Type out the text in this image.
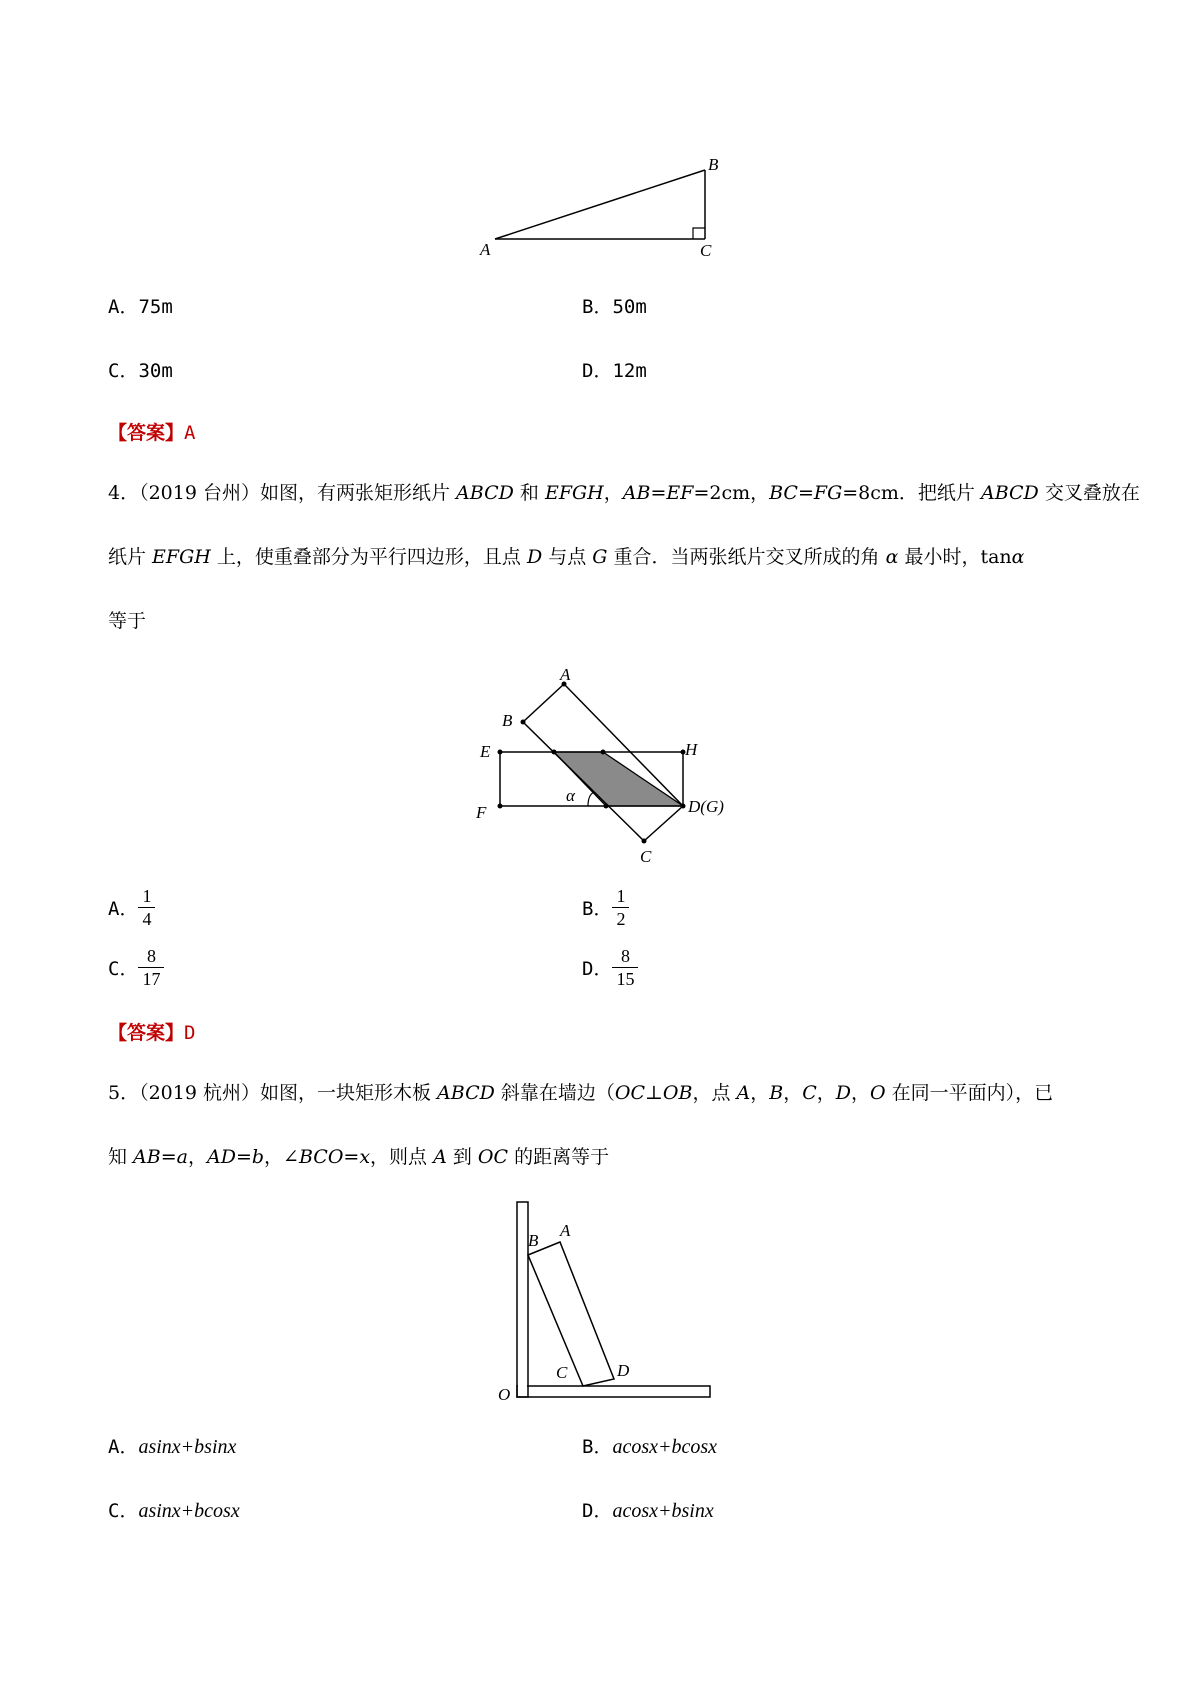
B
A	C
A．75m	B．50m
C．30m	D．12m
【答案】A
4．（2019 台州）如图，有两张矩形纸片 ABCD 和 EFGH，AB=EF=2cm，BC=FG=8cm．把纸片 ABCD 交叉叠放在
纸片 EFGH 上，使重叠部分为平行四边形，且点 D 与点 G 重合．当两张纸片交叉所成的角 α 最小时，tanα
等于
A
B
E	H
F	D(G)
C
α
A． $\frac{1}{4}$	B． $\frac{1}{2}$
C． $\frac{8}{17}$	D． $\frac{8}{15}$
【答案】D
5．（2019 杭州）如图，一块矩形木板 ABCD 斜靠在墙边（OC⊥OB，点 A，B，C，D，O 在同一平面内），已
知 AB=a，AD=b，∠BCO=x，则点 A 到 OC 的距离等于
B
A
C	D
O
A．asinx+bsinx	B．acosx+bcosx
C．asinx+bcosx	D．acosx+bsinx
